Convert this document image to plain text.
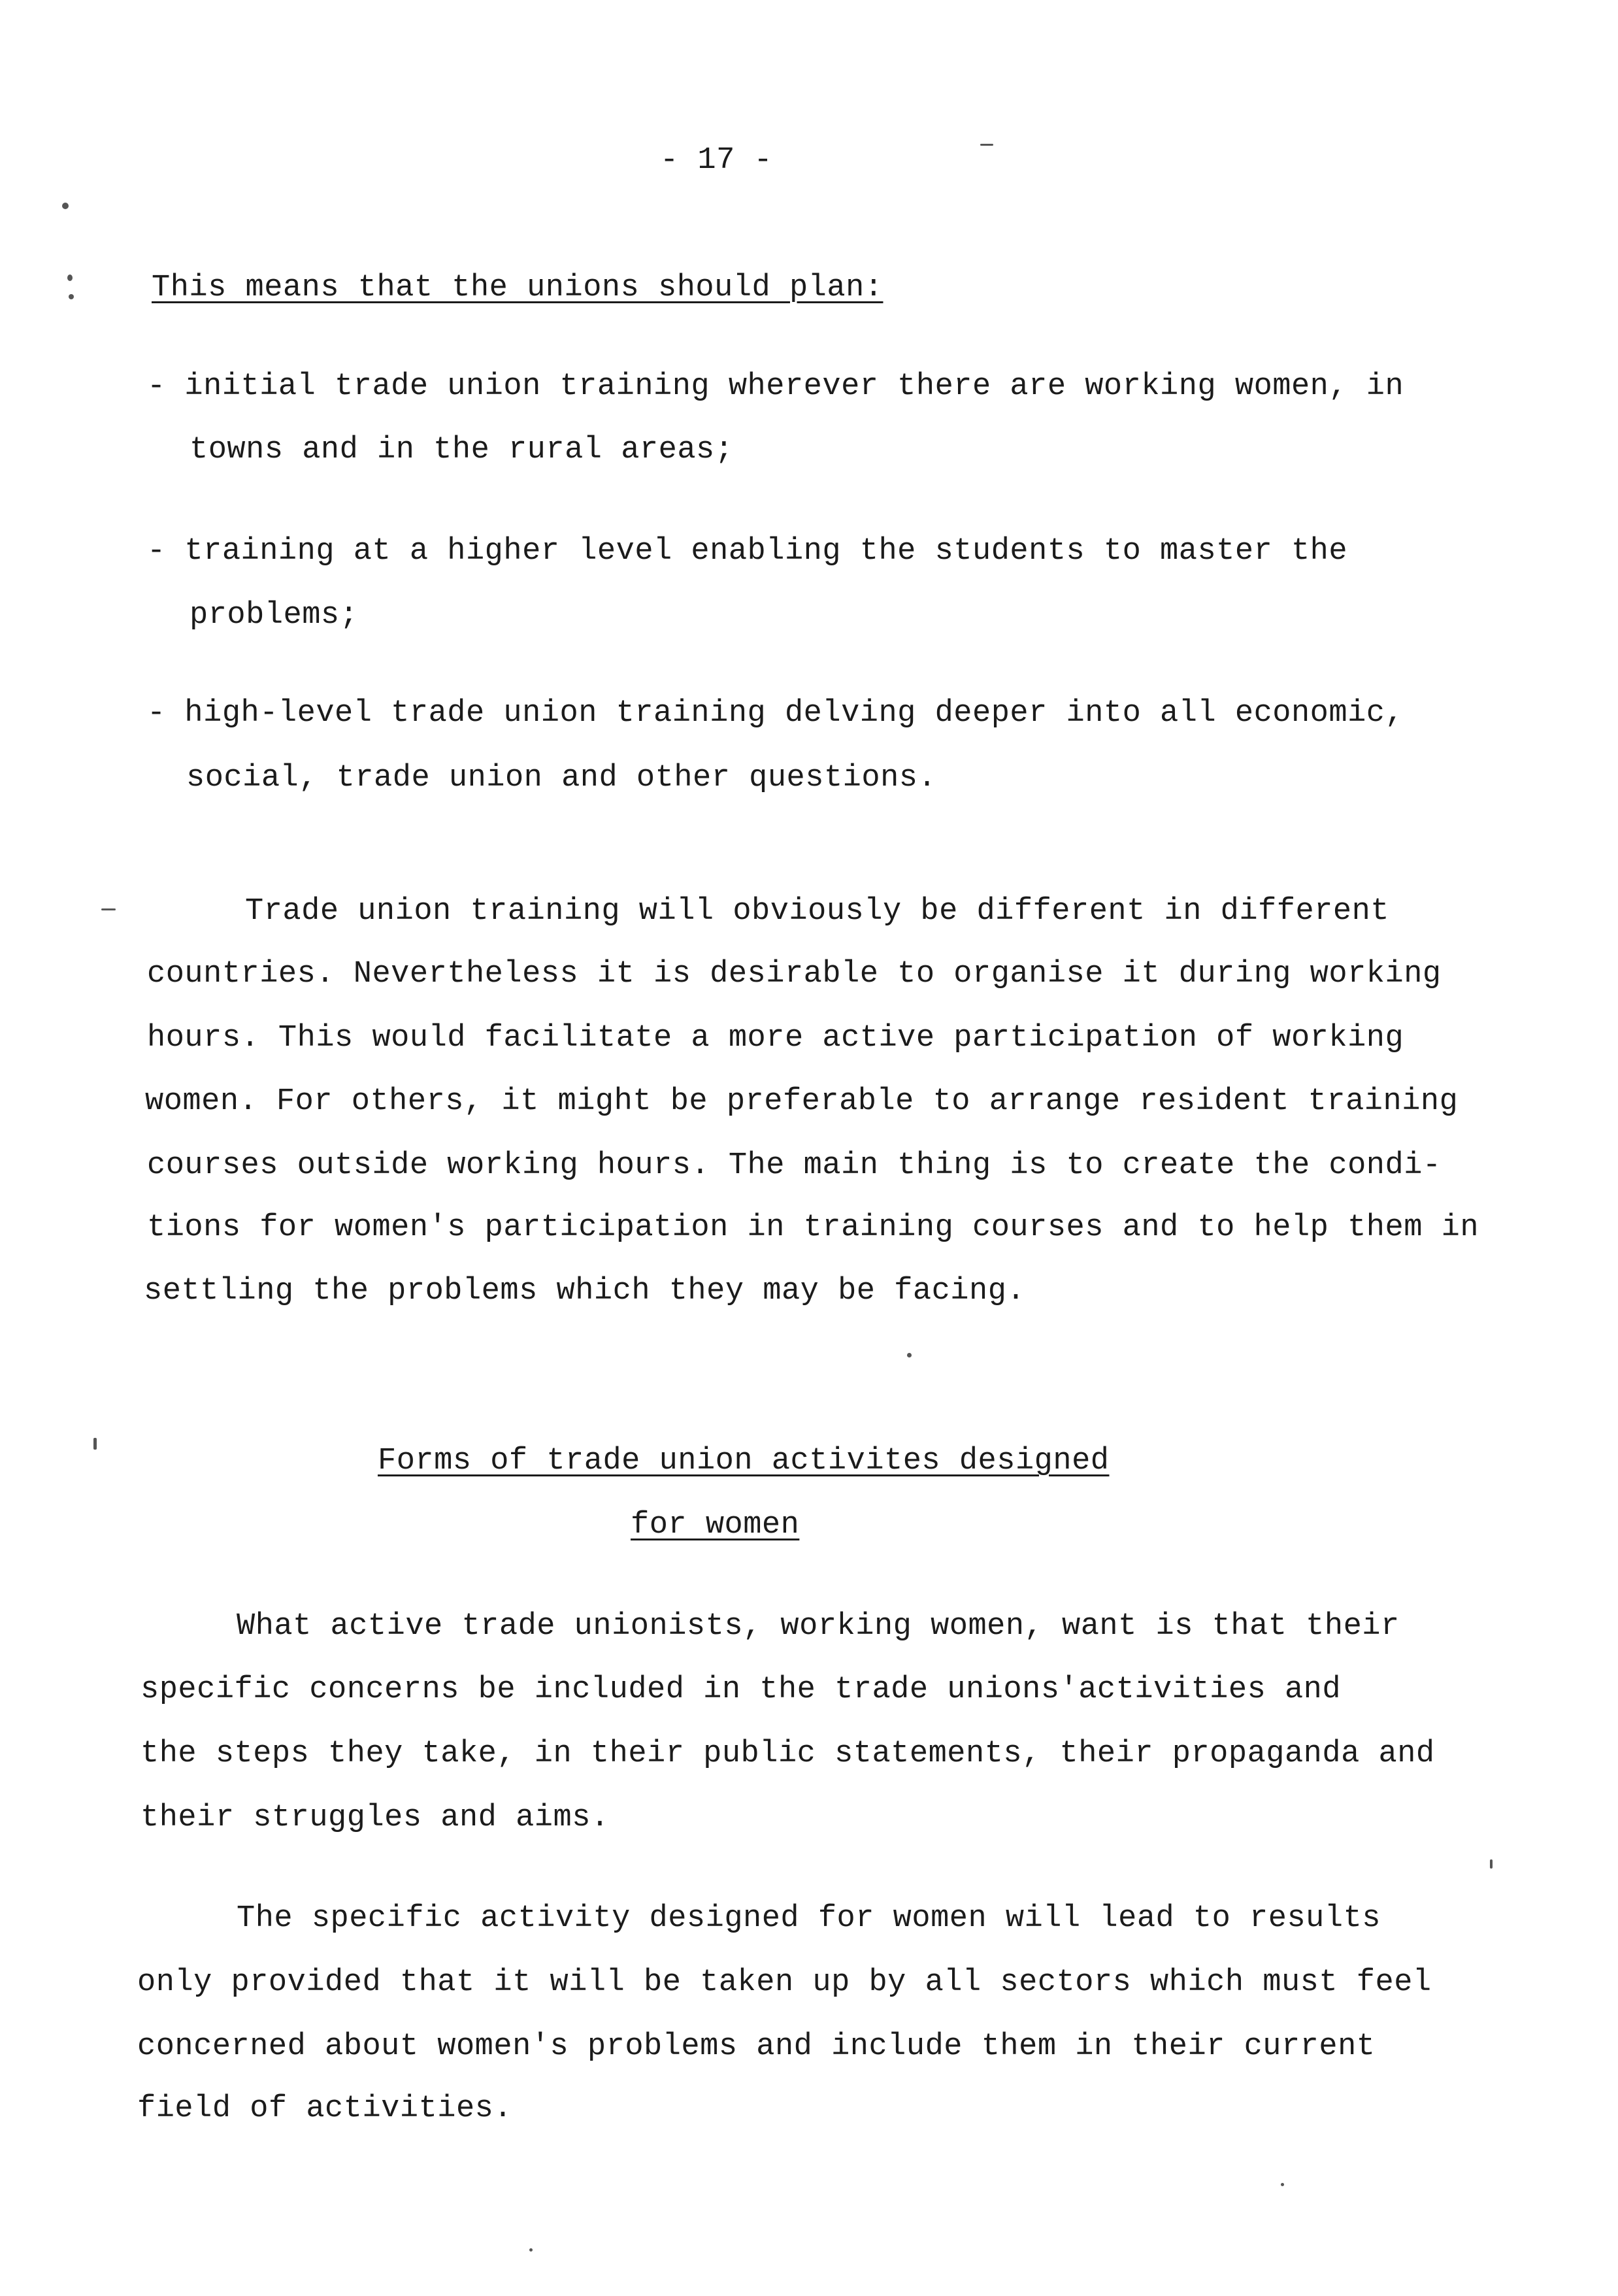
- 17 -
This means that the unions should plan:
- initial trade union training wherever there are working women, in
towns and in the rural areas;
- training at a higher level enabling the students to master the
problems;
- high-level trade union training delving deeper into all economic,
social, trade union and other questions.
Trade union training will obviously be different in different
countries. Nevertheless it is desirable to organise it during working
hours. This would facilitate a more active participation of working
women. For others, it might be preferable to arrange resident training
courses outside working hours. The main thing is to create the condi-
tions for women's participation in training courses and to help them in
settling the problems which they may be facing.
Forms of trade union activites designed
for women
What active trade unionists, working women, want is that their
specific concerns be included in the trade unions'activities and
the steps they take, in their public statements, their propaganda and
their struggles and aims.
The specific activity designed for women will lead to results
only provided that it will be taken up by all sectors which must feel
concerned about women's problems and include them in their current
field of activities.
